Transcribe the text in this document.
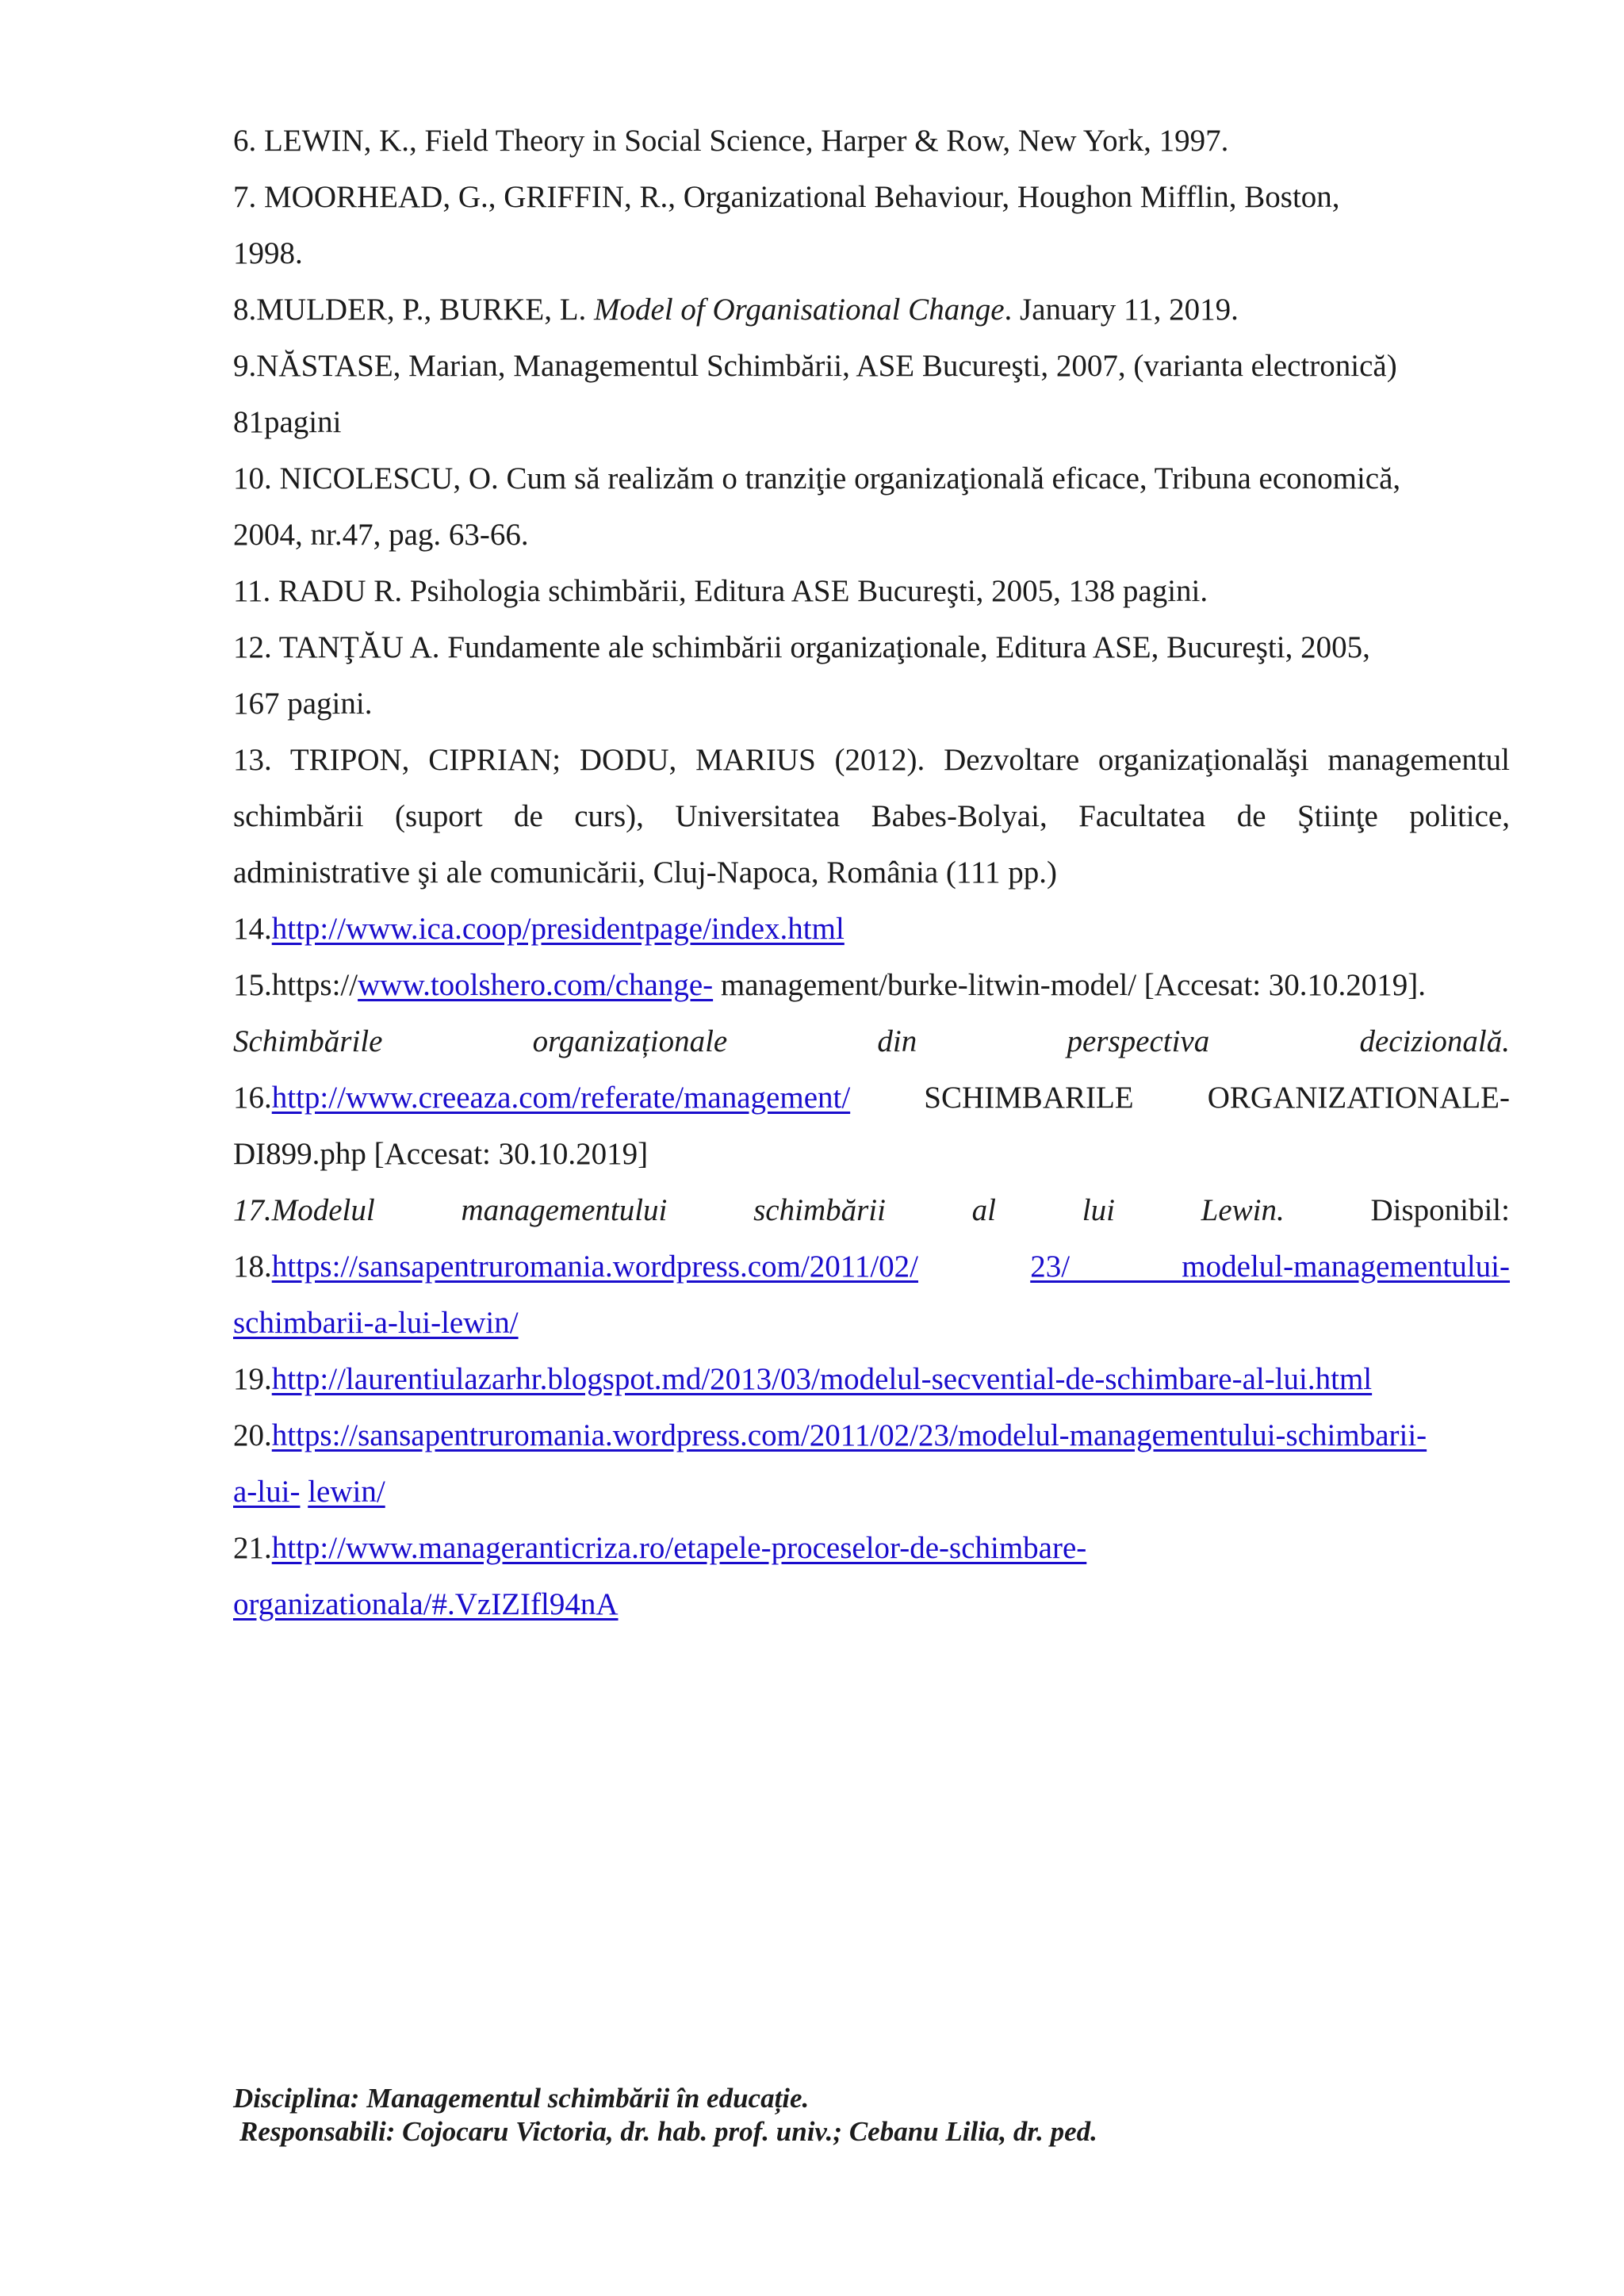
6. LEWIN, K., Field Theory in Social Science, Harper & Row, New York, 1997.

7. MOORHEAD, G., GRIFFIN, R., Organizational Behaviour, Houghon Mifflin, Boston,

1998.

8.MULDER, P., BURKE, L. Model of Organisational Change. January 11, 2019.

9.NĂSTASE, Marian, Managementul Schimbării, ASE Bucureşti, 2007, (varianta electronică)

81pagini

10. NICOLESCU, O. Cum să realizăm o tranziţie organizaţională eficace, Tribuna economică,

2004, nr.47, pag. 63-66.

11. RADU R. Psihologia schimbării, Editura ASE Bucureşti, 2005, 138 pagini.

12. TANŢĂU A. Fundamente ale schimbării organizaţionale, Editura ASE, Bucureşti, 2005,

167 pagini.

13. TRIPON, CIPRIAN; DODU, MARIUS (2012). Dezvoltare organizaţionalăşi managementul

schimbării (suport de curs), Universitatea Babes-Bolyai, Facultatea de Ştiinţe politice,

administrative şi ale comunicării, Cluj-Napoca, România (111 pp.)

14.http://www.ica.coop/presidentpage/index.html

15.https://www.toolshero.com/change- management/burke-litwin-model/ [Accesat: 30.10.2019].

Schimbările organizaționale din perspectiva decizională.

16.http://www.creeaza.com/referate/management/ SCHIMBARILE ORGANIZATIONALE-

DI899.php [Accesat: 30.10.2019]

17.Modelul managementului schimbării al lui Lewin. Disponibil:

18.https://sansapentruromania.wordpress.com/2011/02/	23/ modelul-managementului-

schimbarii-a-lui-lewin/

19.http://laurentiulazarhr.blogspot.md/2013/03/modelul-secvential-de-schimbare-al-lui.html

20.https://sansapentruromania.wordpress.com/2011/02/23/modelul-managementului-schimbarii-

a-lui- lewin/

21.http://www.manageranticriza.ro/etapele-proceselor-de-schimbare-

organizationala/#.VzIZIfl94nA

Disciplina: Managementul schimbării în educație.
Responsabili: Cojocaru Victoria, dr. hab. prof. univ.; Cebanu Lilia, dr. ped.
